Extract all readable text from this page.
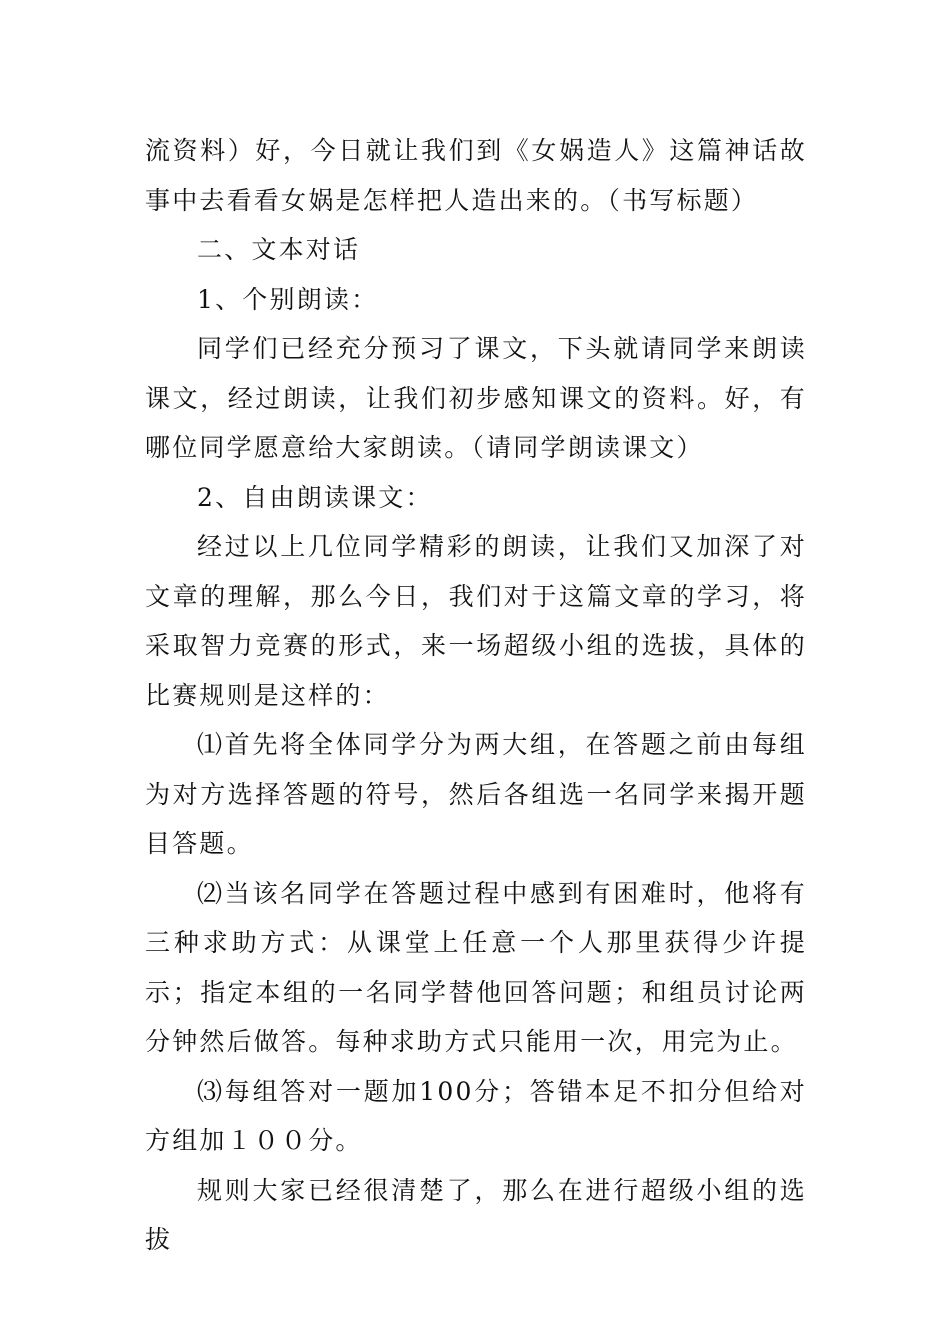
流资料）好，今日就让我们到《女娲造人》这篇神话故事中去看看女娲是怎样把人造出来的。（书写标题）

二、文本对话

1、个别朗读：

同学们已经充分预习了课文，下头就请同学来朗读课文，经过朗读，让我们初步感知课文的资料。好，有哪位同学愿意给大家朗读。（请同学朗读课文）

2、自由朗读课文：

经过以上几位同学精彩的朗读，让我们又加深了对文章的理解，那么今日，我们对于这篇文章的学习，将采取智力竞赛的形式，来一场超级小组的选拔，具体的比赛规则是这样的：

⑴首先将全体同学分为两大组，在答题之前由每组为对方选择答题的符号，然后各组选一名同学来揭开题目答题。

⑵当该名同学在答题过程中感到有困难时，他将有三种求助方式：从课堂上任意一个人那里获得少许提示；指定本组的一名同学替他回答问题；和组员讨论两分钟然后做答。每种求助方式只能用一次，用完为止。

⑶每组答对一题加100分；答错本足不扣分但给对方组加１００分。

规则大家已经很清楚了，那么在进行超级小组的选拔
